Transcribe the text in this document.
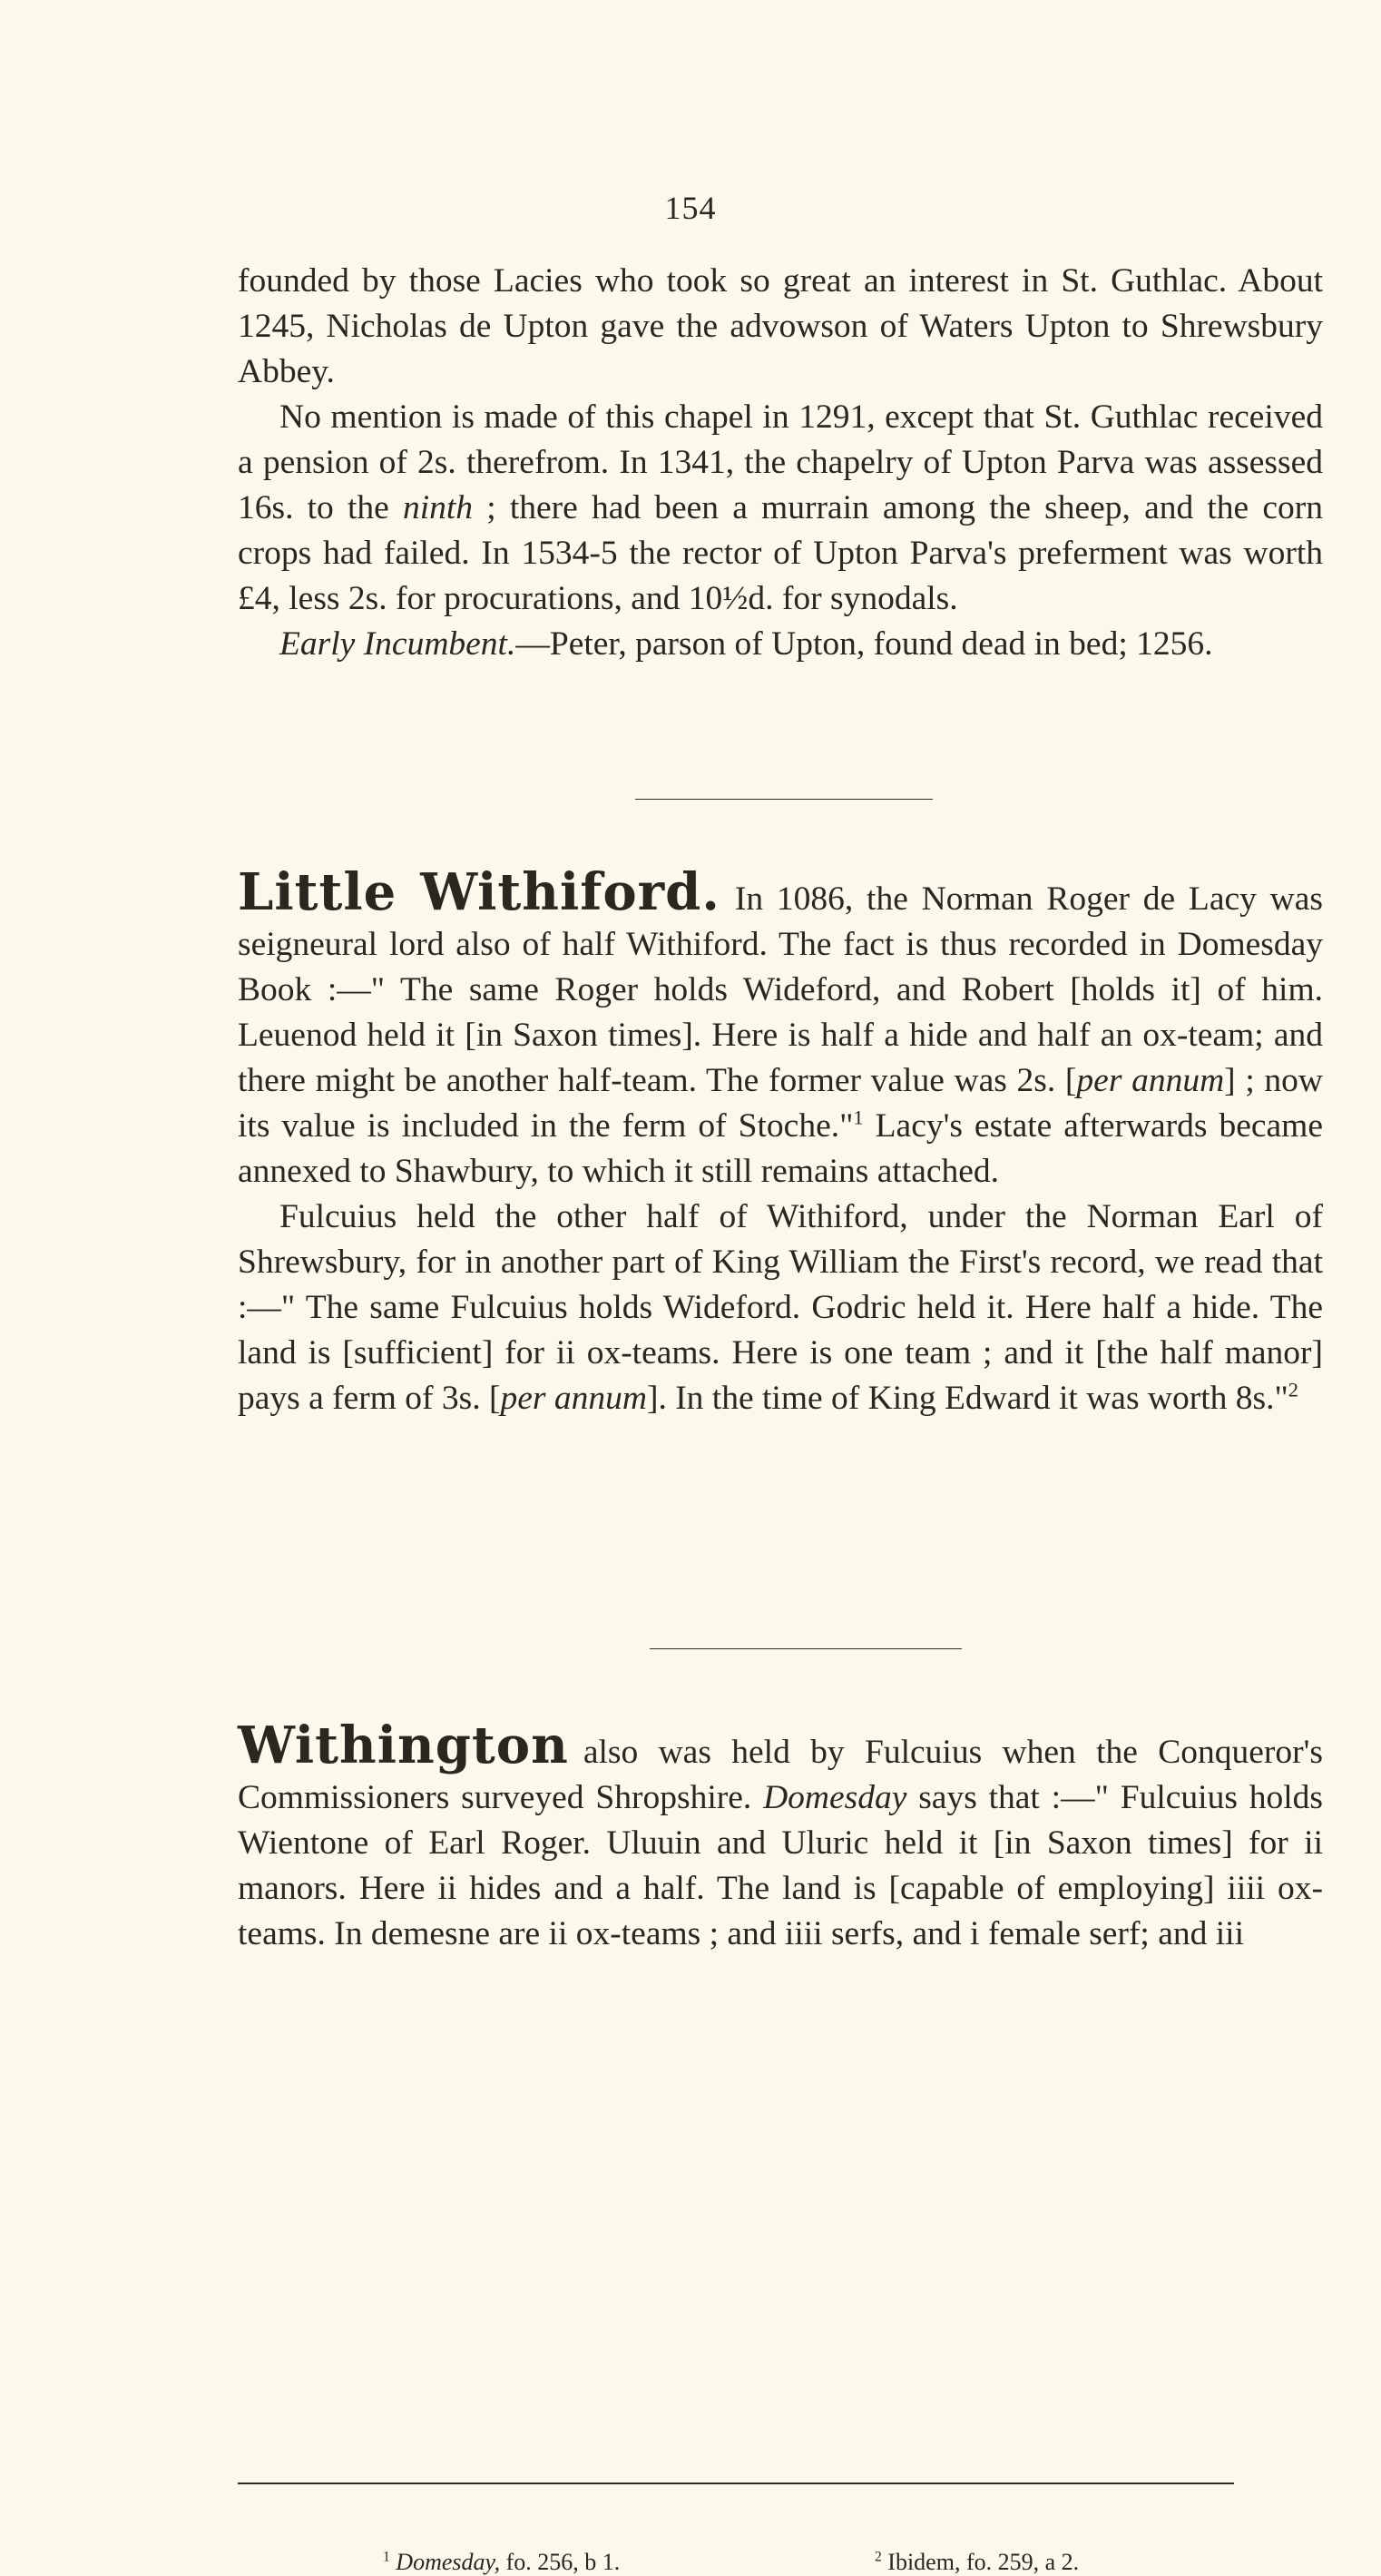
154

founded by those Lacies who took so great an interest in St. Guthlac. About 1245, Nicholas de Upton gave the advowson of Waters Upton to Shrewsbury Abbey.

No mention is made of this chapel in 1291, except that St. Guthlac received a pension of 2s. therefrom. In 1341, the chapelry of Upton Parva was assessed 16s. to the ninth ; there had been a murrain among the sheep, and the corn crops had failed. In 1534-5 the rector of Upton Parva's preferment was worth £4, less 2s. for procurations, and 10½d. for synodals.

Early Incumbent.—Peter, parson of Upton, found dead in bed; 1256.

Little Withiford. In 1086, the Norman Roger de Lacy was seigneural lord also of half Withiford. The fact is thus recorded in Domesday Book :—" The same Roger holds Wideford, and Robert [holds it] of him. Leuenod held it [in Saxon times]. Here is half a hide and half an ox-team; and there might be another half-team. The former value was 2s. [per annum] ; now its value is included in the ferm of Stoche."$^1$ Lacy's estate afterwards became annexed to Shawbury, to which it still remains attached.

Fulcuius held the other half of Withiford, under the Norman Earl of Shrewsbury, for in another part of King William the First's record, we read that :—" The same Fulcuius holds Wideford. Godric held it. Here half a hide. The land is [sufficient] for ii ox-teams. Here is one team ; and it [the half manor] pays a ferm of 3s. [per annum]. In the time of King Edward it was worth 8s."$^2$

Withington also was held by Fulcuius when the Conqueror's Commissioners surveyed Shropshire. Domesday says that :—" Fulcuius holds Wientone of Earl Roger. Uluuin and Uluric held it [in Saxon times] for ii manors. Here ii hides and a half. The land is [capable of employing] iiii ox-teams. In demesne are ii ox-teams ; and iiii serfs, and i female serf; and iii

$^1$ Domesday, fo. 256, b 1.	$^2$ Ibidem, fo. 259, a 2.
